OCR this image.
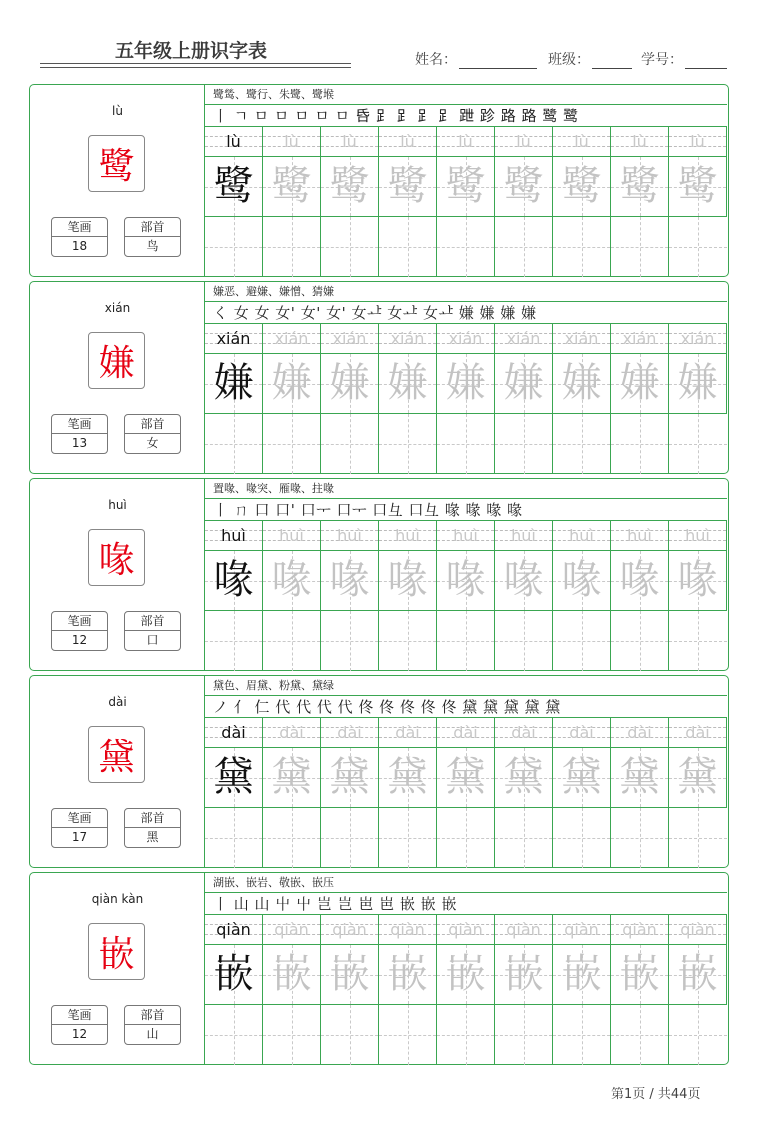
五年级上册识字表	姓名：	班级：	学号：
lù
鹭
笔画
18
部首
鸟
鹭鸶、鹭行、朱鹭、鹭堠
丨 ㄱ ㅁ ㅁ ㅁ ㅁ ㅁ 𠯑 𧾷 𧾷 𧾷 𧾷 跇 跈 路 路 鹭 鹭
lù
鹭
lù
鹭
lù
鹭
lù
鹭
lù
鹭
lù
鹭
lù
鹭
lù
鹭
lù
鹭
xián
嫌
笔画
13
部首
女
嫌恶、避嫌、嫌憎、猜嫌
く 女 女 女' 女' 女' 女ᅶ 女ᅶ 女ᅶ 嫌 嫌 嫌 嫌
xián
嫌
xián
嫌
xián
嫌
xián
嫌
xián
嫌
xián
嫌
xián
嫌
xián
嫌
xián
嫌
huì
喙
笔画
12
部首
口
置喙、喙突、雁喙、拄喙
丨 ㄇ 口 口' 口ᅮ 口ᅮ 口彑 口彑 喙 喙 喙 喙
huì
喙
huì
喙
huì
喙
huì
喙
huì
喙
huì
喙
huì
喙
huì
喙
huì
喙
dài
黛
笔画
17
部首
黑
黛色、眉黛、粉黛、黛绿
ノ 亻 仁 代 代 代 代 佟 佟 佟 佟 佟 黛 黛 黛 黛 黛
dài
黛
dài
黛
dài
黛
dài
黛
dài
黛
dài
黛
dài
黛
dài
黛
dài
黛
qiàn kàn
嵌
笔画
12
部首
山
湖嵌、嵌岩、敬嵌、嵌压
丨 山 山 屮 屮 岂 岂 岜 岜 嵌 嵌 嵌
qiàn
嵌
qiàn
嵌
qiàn
嵌
qiàn
嵌
qiàn
嵌
qiàn
嵌
qiàn
嵌
qiàn
嵌
qiàn
嵌
第1页 / 共44页
